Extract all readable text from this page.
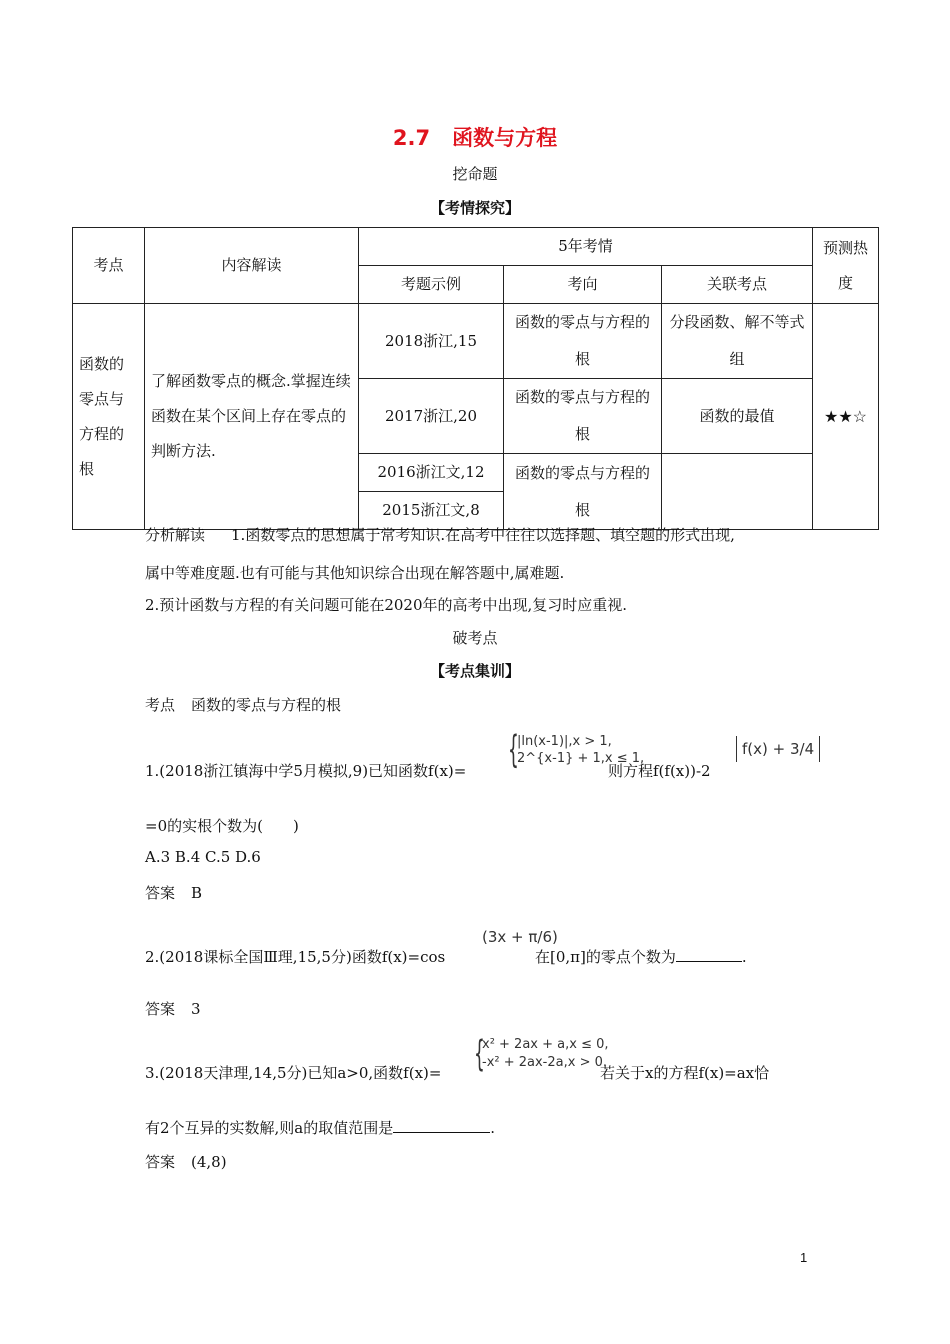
2.7 函数与方程
挖命题
【考情探究】
考点	内容解读	5年考情			预测热度
		考题示例	考向	关联考点	
函数的零点与方程的根	了解函数零点的概念.掌握连续函数在某个区间上存在零点的判断方法.	2018浙江,15	函数的零点与方程的根	分段函数、解不等式组	★★☆
		2017浙江,20	函数的零点与方程的根	函数的最值	
		2016浙江文,12	函数的零点与方程的根		
		2015浙江文,8			
分析解读 1.函数零点的思想属于常考知识.在高考中往往以选择题、填空题的形式出现,
属中等难度题.也有可能与其他知识综合出现在解答题中,属难题.
2.预计函数与方程的有关问题可能在2020年的高考中出现,复习时应重视.
破考点
【考点集训】
考点 函数的零点与方程的根
1.(2018浙江镇海中学5月模拟,9)已知函数f(x)= {
|ln(x-1)|,x > 1,
2^{x-1} + 1,x ≤ 1,
则方程f(f(x))-2
f(x) + 3/4
=0的实根个数为(　　)
A.3 B.4 C.5 D.6
答案 B
2.(2018课标全国Ⅲ理,15,5分)函数f(x)=cos
(3x + π/6)
在[0,π]的零点个数为	.
答案 3
3.(2018天津理,14,5分)已知a>0,函数f(x)= {
x² + 2ax + a,x ≤ 0,
-x² + 2ax-2a,x > 0.
若关于x的方程f(x)=ax恰
有2个互异的实数解,则a的取值范围是	.
答案 (4,8)
1
